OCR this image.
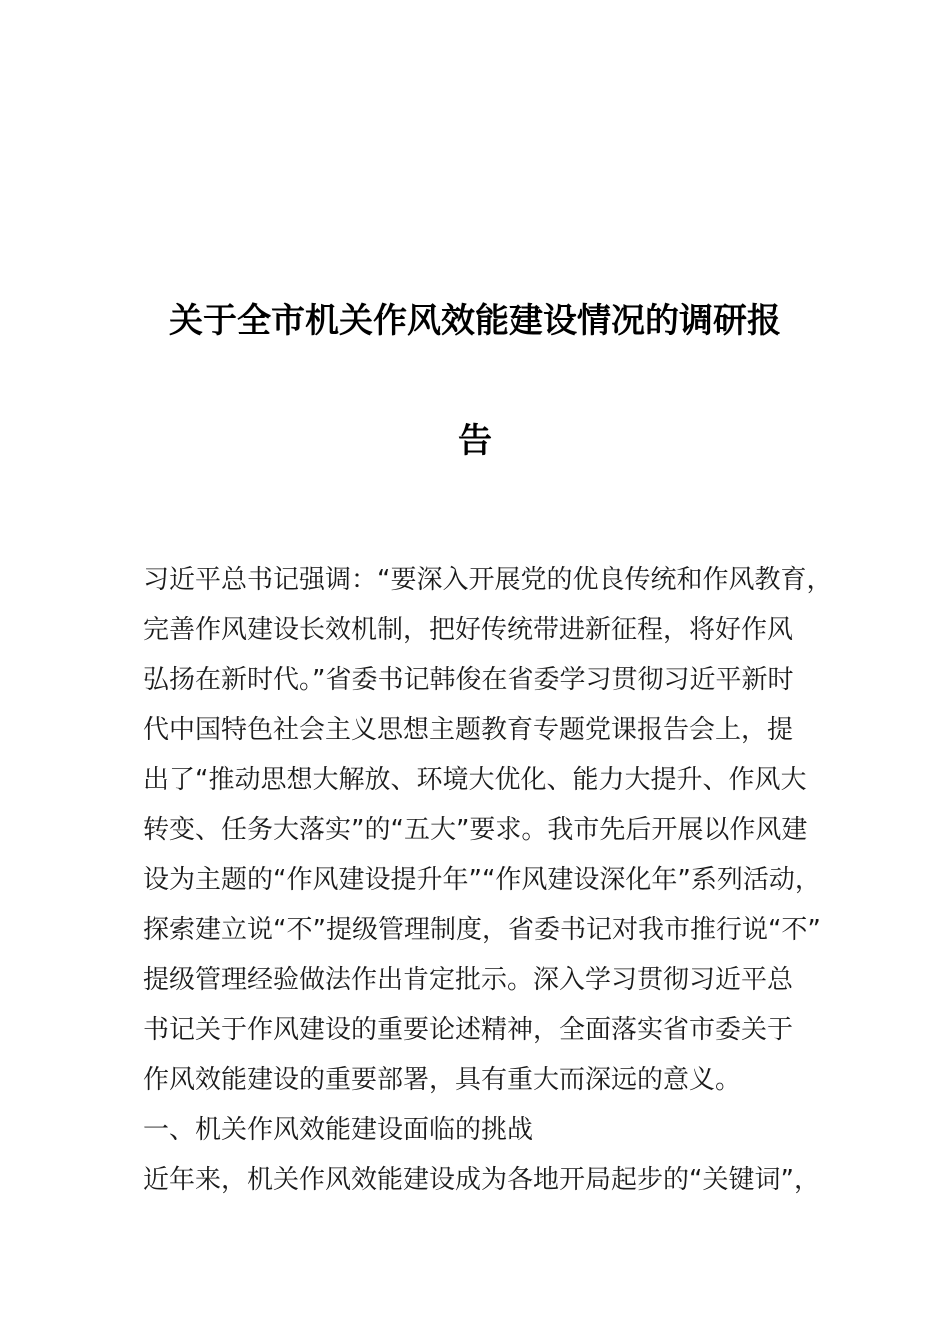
关于全市机关作风效能建设情况的调研报
告
习近平总书记强调：“要深入开展党的优良传统和作风教育，
完善作风建设长效机制，把好传统带进新征程，将好作风
弘扬在新时代。”省委书记韩俊在省委学习贯彻习近平新时
代中国特色社会主义思想主题教育专题党课报告会上，提
出了“推动思想大解放、环境大优化、能力大提升、作风大
转变、任务大落实”的“五大”要求。我市先后开展以作风建
设为主题的“作风建设提升年”“作风建设深化年”系列活动，
探索建立说“不”提级管理制度，省委书记对我市推行说“不”
提级管理经验做法作出肯定批示。深入学习贯彻习近平总
书记关于作风建设的重要论述精神，全面落实省市委关于
作风效能建设的重要部署，具有重大而深远的意义。
一、机关作风效能建设面临的挑战
近年来，机关作风效能建设成为各地开局起步的“关键词”，
